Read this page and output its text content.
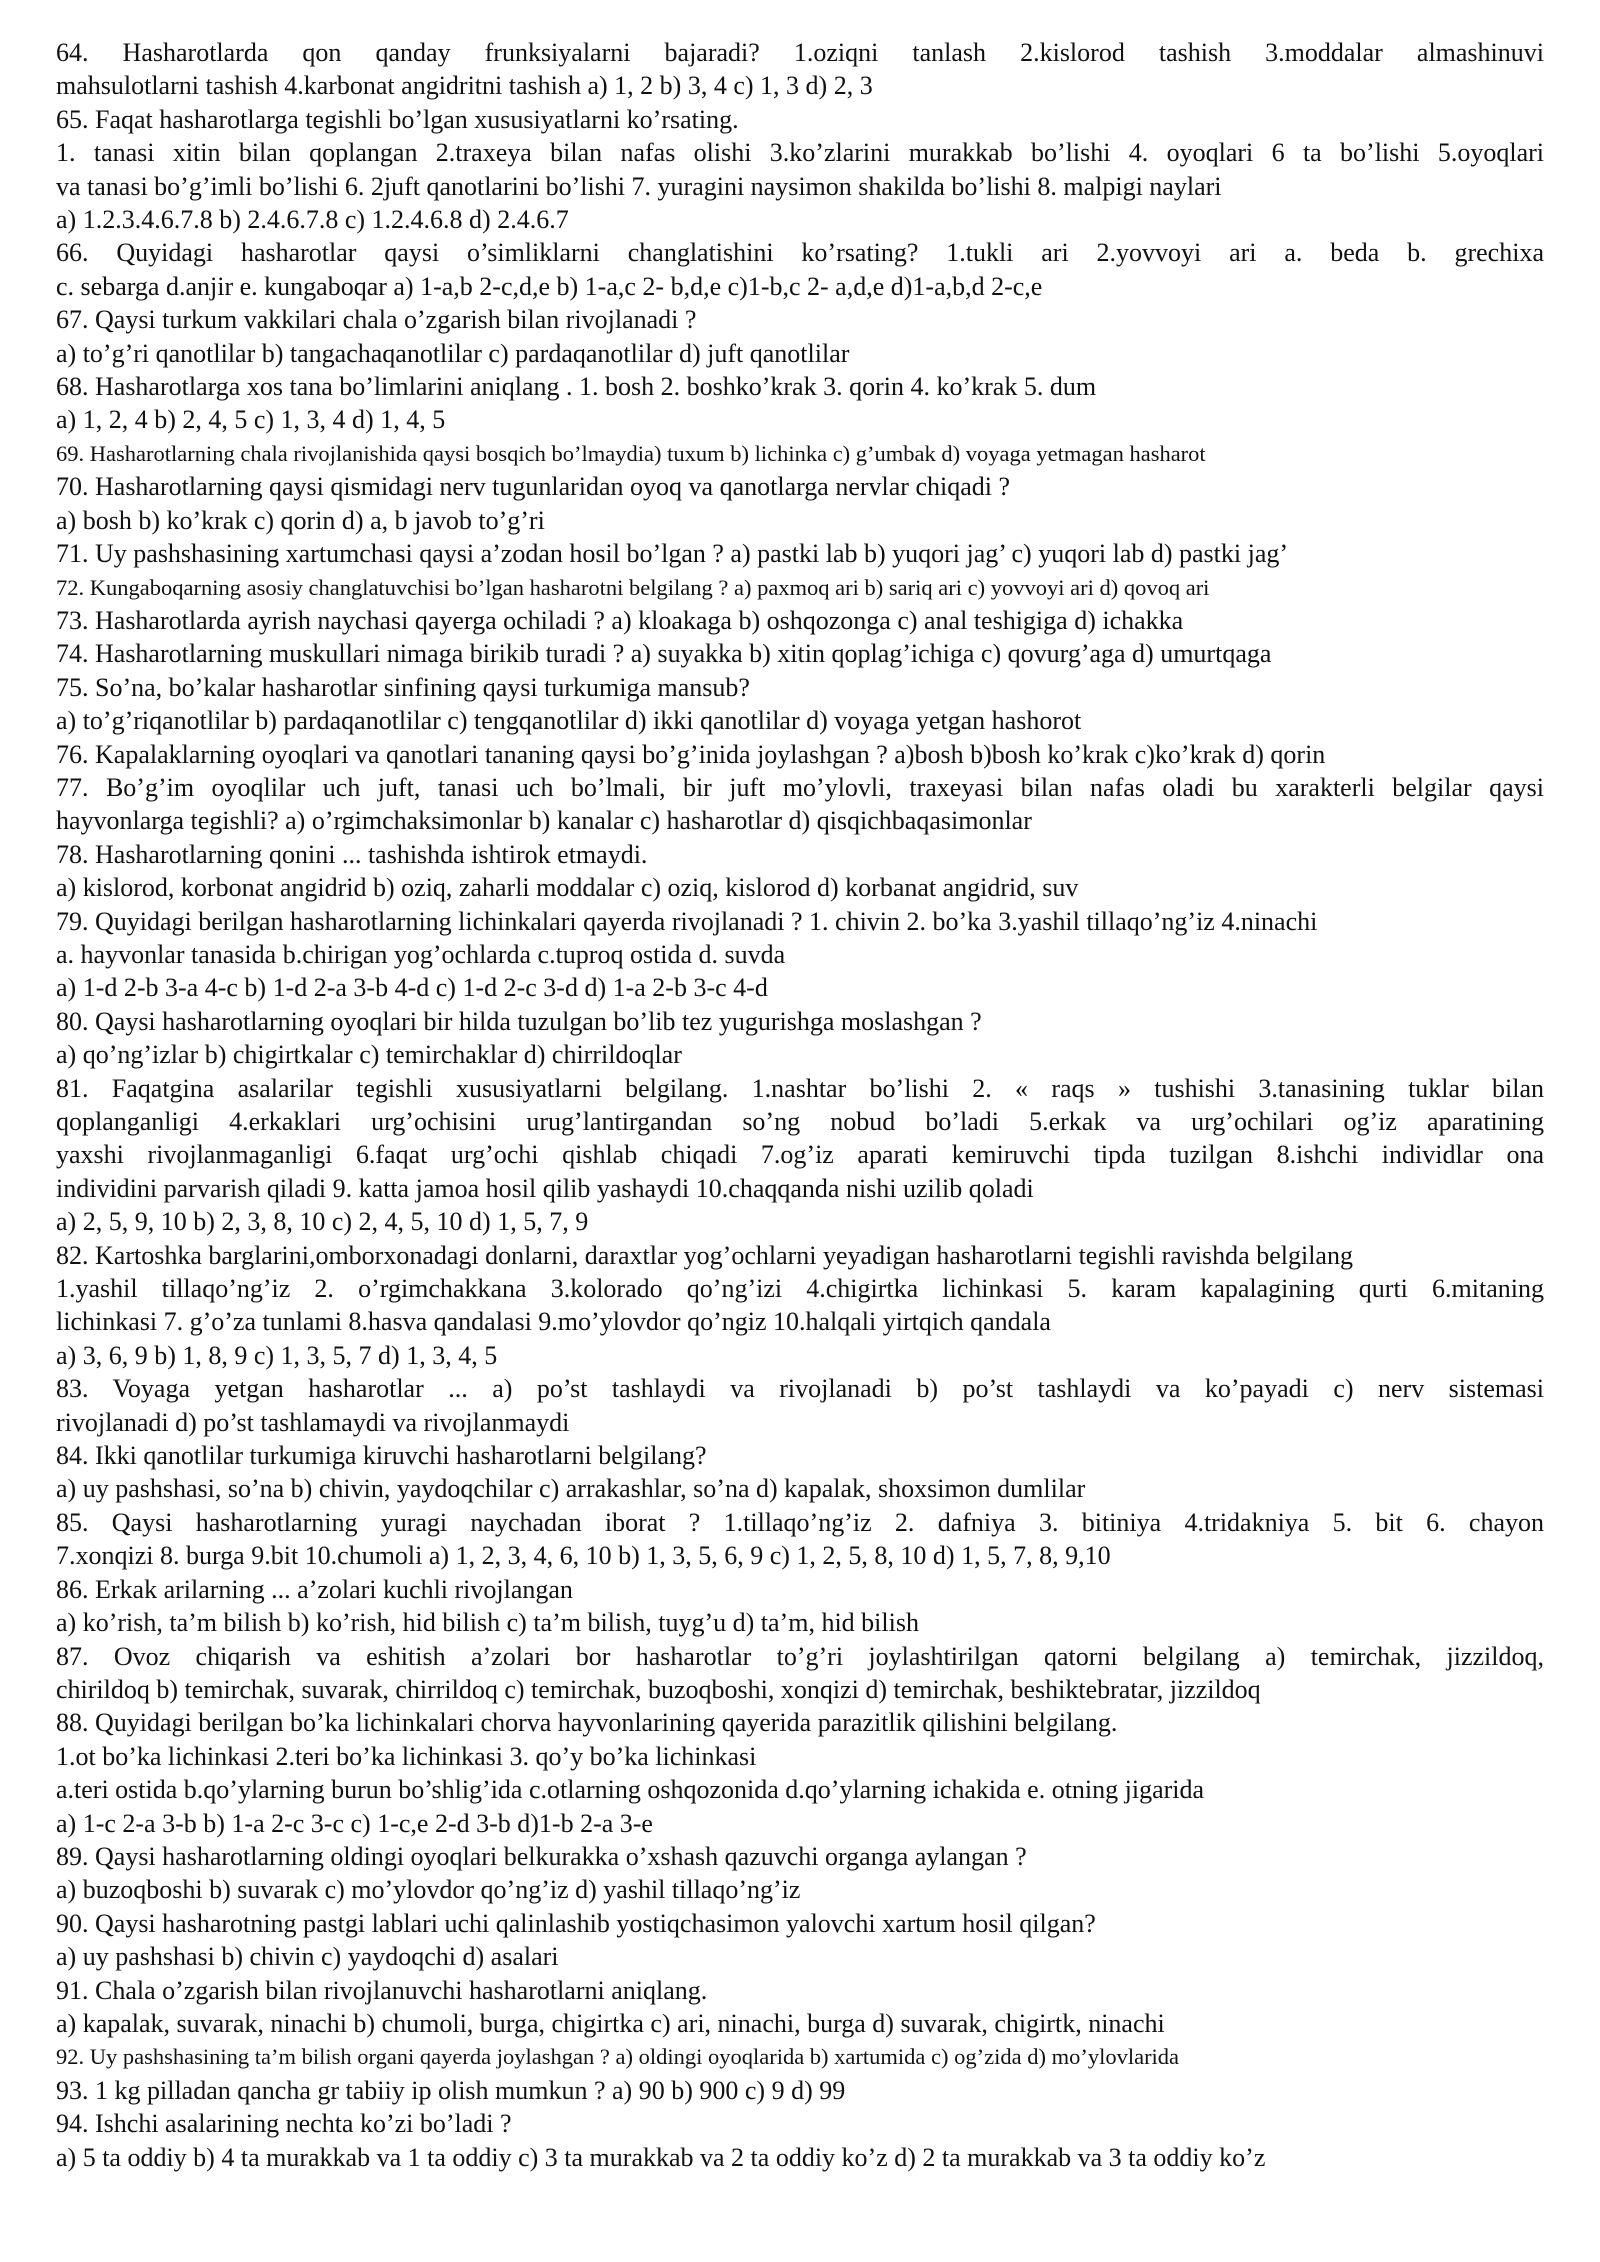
64. Hasharotlarda qon qanday frunksiyalarni bajaradi? 1.oziqni tanlash 2.kislorod tashish 3.moddalar almashinuvi
mahsulotlarni tashish 4.karbonat angidritni tashish a) 1, 2 b) 3, 4 c) 1, 3 d) 2, 3
65. Faqat hasharotlarga tegishli bo’lgan xususiyatlarni ko’rsating.
1. tanasi xitin bilan qoplangan 2.traxeya bilan nafas olishi 3.ko’zlarini murakkab bo’lishi 4. oyoqlari 6 ta bo’lishi 5.oyoqlari
va tanasi bo’g’imli bo’lishi 6. 2juft qanotlarini bo’lishi 7. yuragini naysimon shakilda bo’lishi 8. malpigi naylari
a) 1.2.3.4.6.7.8 b) 2.4.6.7.8 c) 1.2.4.6.8 d) 2.4.6.7
66. Quyidagi hasharotlar qaysi o’simliklarni changlatishini ko’rsating? 1.tukli ari 2.yovvoyi ari a. beda b. grechixa
c. sebarga d.anjir e. kungaboqar a) 1-a,b 2-c,d,e b) 1-a,c 2- b,d,e c)1-b,c 2- a,d,e d)1-a,b,d 2-c,e
67. Qaysi turkum vakkilari chala o’zgarish bilan rivojlanadi ?
a) to’g’ri qanotlilar b) tangachaqanotlilar c) pardaqanotlilar d) juft qanotlilar
68. Hasharotlarga xos tana bo’limlarini aniqlang . 1. bosh 2. boshko’krak 3. qorin 4. ko’krak 5. dum
a) 1, 2, 4 b) 2, 4, 5 c) 1, 3, 4 d) 1, 4, 5
69. Hasharotlarning chala rivojlanishida qaysi bosqich bo’lmaydia) tuxum b) lichinka c) g’umbak d) voyaga yetmagan hasharot
70. Hasharotlarning qaysi qismidagi nerv tugunlaridan oyoq va qanotlarga nervlar chiqadi ?
a) bosh b) ko’krak c) qorin d) a, b javob to’g’ri
71. Uy pashshasining xartumchasi qaysi a’zodan hosil bo’lgan ? a) pastki lab b) yuqori jag’ c) yuqori lab d) pastki jag’
72. Kungaboqarning asosiy changlatuvchisi bo’lgan hasharotni belgilang ? a) paxmoq ari b) sariq ari c) yovvoyi ari d) qovoq ari
73. Hasharotlarda ayrish naychasi qayerga ochiladi ? a) kloakaga b) oshqozonga c) anal teshigiga d) ichakka
74. Hasharotlarning muskullari nimaga birikib turadi ? a) suyakka b) xitin qoplag’ichiga c) qovurg’aga d) umurtqaga
75. So’na, bo’kalar hasharotlar sinfining qaysi turkumiga mansub?
a) to’g’riqanotlilar b) pardaqanotlilar c) tengqanotlilar d) ikki qanotlilar d) voyaga yetgan hashorot
76. Kapalaklarning oyoqlari va qanotlari tananing qaysi bo’g’inida joylashgan ? a)bosh b)bosh ko’krak c)ko’krak d) qorin
77. Bo’g’im oyoqlilar uch juft, tanasi uch bo’lmali, bir juft mo’ylovli, traxeyasi bilan nafas oladi bu xarakterli belgilar qaysi
hayvonlarga tegishli? a) o’rgimchaksimonlar b) kanalar c) hasharotlar d) qisqichbaqasimonlar
78. Hasharotlarning qonini ... tashishda ishtirok etmaydi.
a) kislorod, korbonat angidrid b) oziq, zaharli moddalar c) oziq, kislorod d) korbanat angidrid, suv
79. Quyidagi berilgan hasharotlarning lichinkalari qayerda rivojlanadi ? 1. chivin 2. bo’ka 3.yashil tillaqo’ng’iz 4.ninachi
a. hayvonlar tanasida b.chirigan yog’ochlarda c.tuproq ostida d. suvda
a) 1-d 2-b 3-a 4-c b) 1-d 2-a 3-b 4-d c) 1-d 2-c 3-d d) 1-a 2-b 3-c 4-d
80. Qaysi hasharotlarning oyoqlari bir hilda tuzulgan bo’lib tez yugurishga moslashgan ?
a) qo’ng’izlar b) chigirtkalar c) temirchaklar d) chirrildoqlar
81. Faqatgina asalarilar tegishli xususiyatlarni belgilang. 1.nashtar bo’lishi 2. « raqs » tushishi 3.tanasining tuklar bilan
qoplanganligi 4.erkaklari urg’ochisini urug’lantirgandan so’ng nobud bo’ladi 5.erkak va urg’ochilari og’iz aparatining
yaxshi rivojlanmaganligi 6.faqat urg’ochi qishlab chiqadi 7.og’iz aparati kemiruvchi tipda tuzilgan 8.ishchi individlar ona
individini parvarish qiladi 9. katta jamoa hosil qilib yashaydi 10.chaqqanda nishi uzilib qoladi
a) 2, 5, 9, 10 b) 2, 3, 8, 10 c) 2, 4, 5, 10 d) 1, 5, 7, 9
82. Kartoshka barglarini,omborxonadagi donlarni, daraxtlar yog’ochlarni yeyadigan hasharotlarni tegishli ravishda belgilang
1.yashil tillaqo’ng’iz 2. o’rgimchakkana 3.kolorado qo’ng’izi 4.chigirtka lichinkasi 5. karam kapalagining qurti 6.mitaning
lichinkasi 7. g’o’za tunlami 8.hasva qandalasi 9.mo’ylovdor qo’ngiz 10.halqali yirtqich qandala
a) 3, 6, 9 b) 1, 8, 9 c) 1, 3, 5, 7 d) 1, 3, 4, 5
83. Voyaga yetgan hasharotlar ... a) po’st tashlaydi va rivojlanadi b) po’st tashlaydi va ko’payadi c) nerv sistemasi
rivojlanadi d) po’st tashlamaydi va rivojlanmaydi
84. Ikki qanotlilar turkumiga kiruvchi hasharotlarni belgilang?
a) uy pashshasi, so’na b) chivin, yaydoqchilar c) arrakashlar, so’na d) kapalak, shoxsimon dumlilar
85. Qaysi hasharotlarning yuragi naychadan iborat ? 1.tillaqo’ng’iz 2. dafniya 3. bitiniya 4.tridakniya 5. bit 6. chayon
7.xonqizi 8. burga 9.bit 10.chumoli a) 1, 2, 3, 4, 6, 10 b) 1, 3, 5, 6, 9 c) 1, 2, 5, 8, 10 d) 1, 5, 7, 8, 9,10
86. Erkak arilarning ... a’zolari kuchli rivojlangan
a) ko’rish, ta’m bilish b) ko’rish, hid bilish c) ta’m bilish, tuyg’u d) ta’m, hid bilish
87. Ovoz chiqarish va eshitish a’zolari bor hasharotlar to’g’ri joylashtirilgan qatorni belgilang a) temirchak, jizzildoq,
chirildoq b) temirchak, suvarak, chirrildoq c) temirchak, buzoqboshi, xonqizi d) temirchak, beshiktebratar, jizzildoq
88. Quyidagi berilgan bo’ka lichinkalari chorva hayvonlarining qayerida parazitlik qilishini belgilang.
1.ot bo’ka lichinkasi 2.teri bo’ka lichinkasi 3. qo’y bo’ka lichinkasi
a.teri ostida b.qo’ylarning burun bo’shlig’ida c.otlarning oshqozonida d.qo’ylarning ichakida e. otning jigarida
a) 1-c 2-a 3-b b) 1-a 2-c 3-c c) 1-c,e 2-d 3-b d)1-b 2-a 3-e
89. Qaysi hasharotlarning oldingi oyoqlari belkurakka o’xshash qazuvchi organga aylangan ?
a) buzoqboshi b) suvarak c) mo’ylovdor qo’ng’iz d) yashil tillaqo’ng’iz
90. Qaysi hasharotning pastgi lablari uchi qalinlashib yostiqchasimon yalovchi xartum hosil qilgan?
a) uy pashshasi b) chivin c) yaydoqchi d) asalari
91. Chala o’zgarish bilan rivojlanuvchi hasharotlarni aniqlang.
a) kapalak, suvarak, ninachi b) chumoli, burga, chigirtka c) ari, ninachi, burga d) suvarak, chigirtk, ninachi
92. Uy pashshasining ta’m bilish organi qayerda joylashgan ? a) oldingi oyoqlarida b) xartumida c) og’zida d) mo’ylovlarida
93. 1 kg pilladan qancha gr tabiiy ip olish mumkun ? a) 90 b) 900 c) 9 d) 99
94. Ishchi asalarining nechta ko’zi bo’ladi ?
a) 5 ta oddiy b) 4 ta murakkab va 1 ta oddiy c) 3 ta murakkab va 2 ta oddiy ko’z d) 2 ta murakkab va 3 ta oddiy ko’z
